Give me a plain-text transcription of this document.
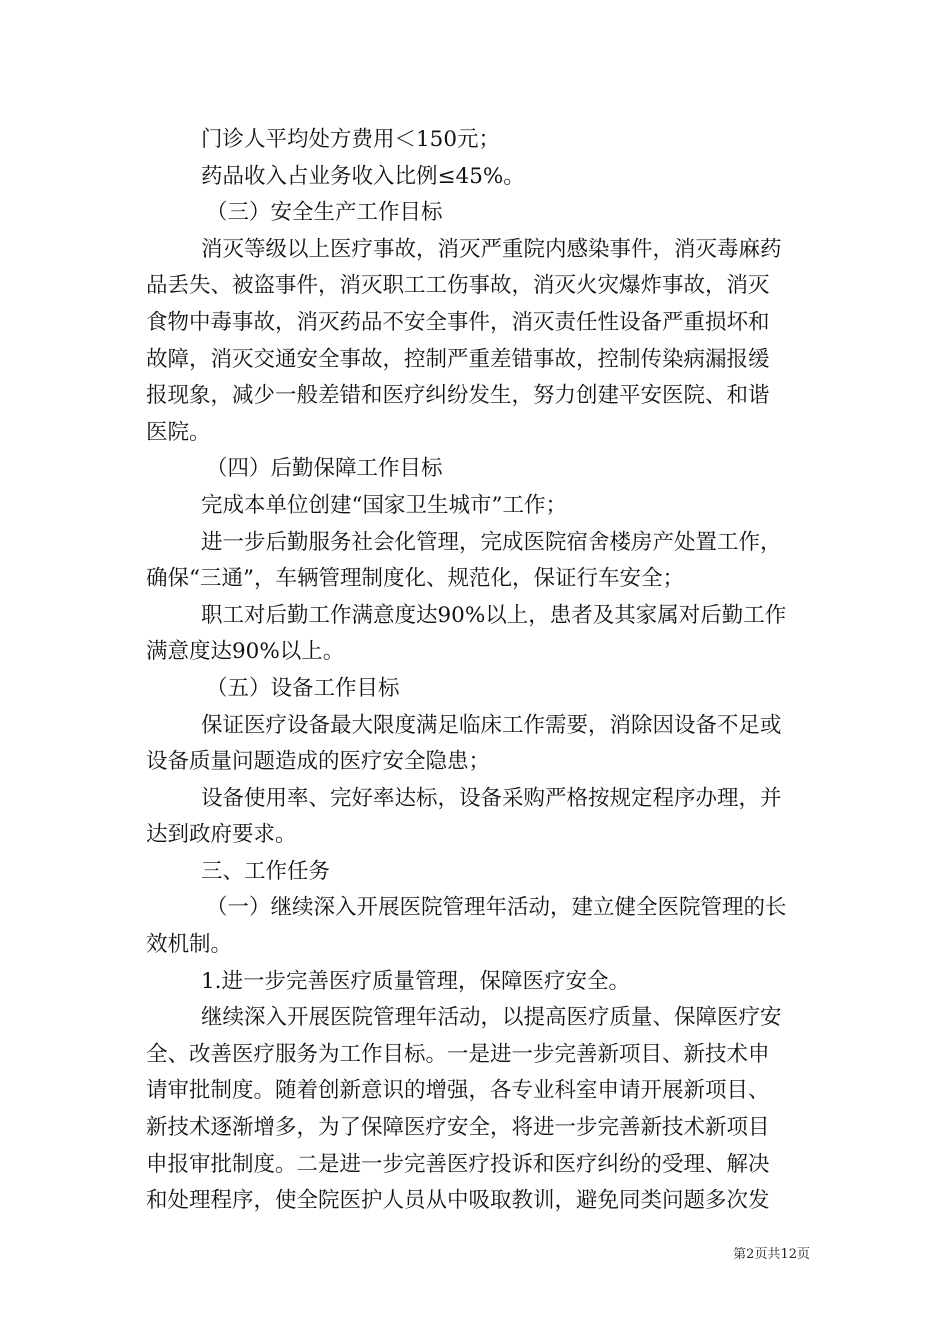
门诊人平均处方费用＜150元；

药品收入占业务收入比例≤45%。

（三）安全生产工作目标

消灭等级以上医疗事故，消灭严重院内感染事件，消灭毒麻药

品丢失、被盗事件，消灭职工工伤事故，消灭火灾爆炸事故，消灭

食物中毒事故，消灭药品不安全事件，消灭责任性设备严重损坏和

故障，消灭交通安全事故，控制严重差错事故，控制传染病漏报缓

报现象，减少一般差错和医疗纠纷发生，努力创建平安医院、和谐

医院。

（四）后勤保障工作目标

完成本单位创建“国家卫生城市”工作；

进一步后勤服务社会化管理，完成医院宿舍楼房产处置工作，

确保“三通”，车辆管理制度化、规范化，保证行车安全；

职工对后勤工作满意度达90%以上，患者及其家属对后勤工作

满意度达90%以上。

（五）设备工作目标

保证医疗设备最大限度满足临床工作需要，消除因设备不足或

设备质量问题造成的医疗安全隐患；

设备使用率、完好率达标，设备采购严格按规定程序办理，并

达到政府要求。

三、工作任务

（一）继续深入开展医院管理年活动，建立健全医院管理的长

效机制。

1.进一步完善医疗质量管理，保障医疗安全。

继续深入开展医院管理年活动，以提高医疗质量、保障医疗安

全、改善医疗服务为工作目标。一是进一步完善新项目、新技术申

请审批制度。随着创新意识的增强，各专业科室申请开展新项目、

新技术逐渐增多，为了保障医疗安全，将进一步完善新技术新项目

申报审批制度。二是进一步完善医疗投诉和医疗纠纷的受理、解决

和处理程序，使全院医护人员从中吸取教训，避免同类问题多次发

第2页共12页
